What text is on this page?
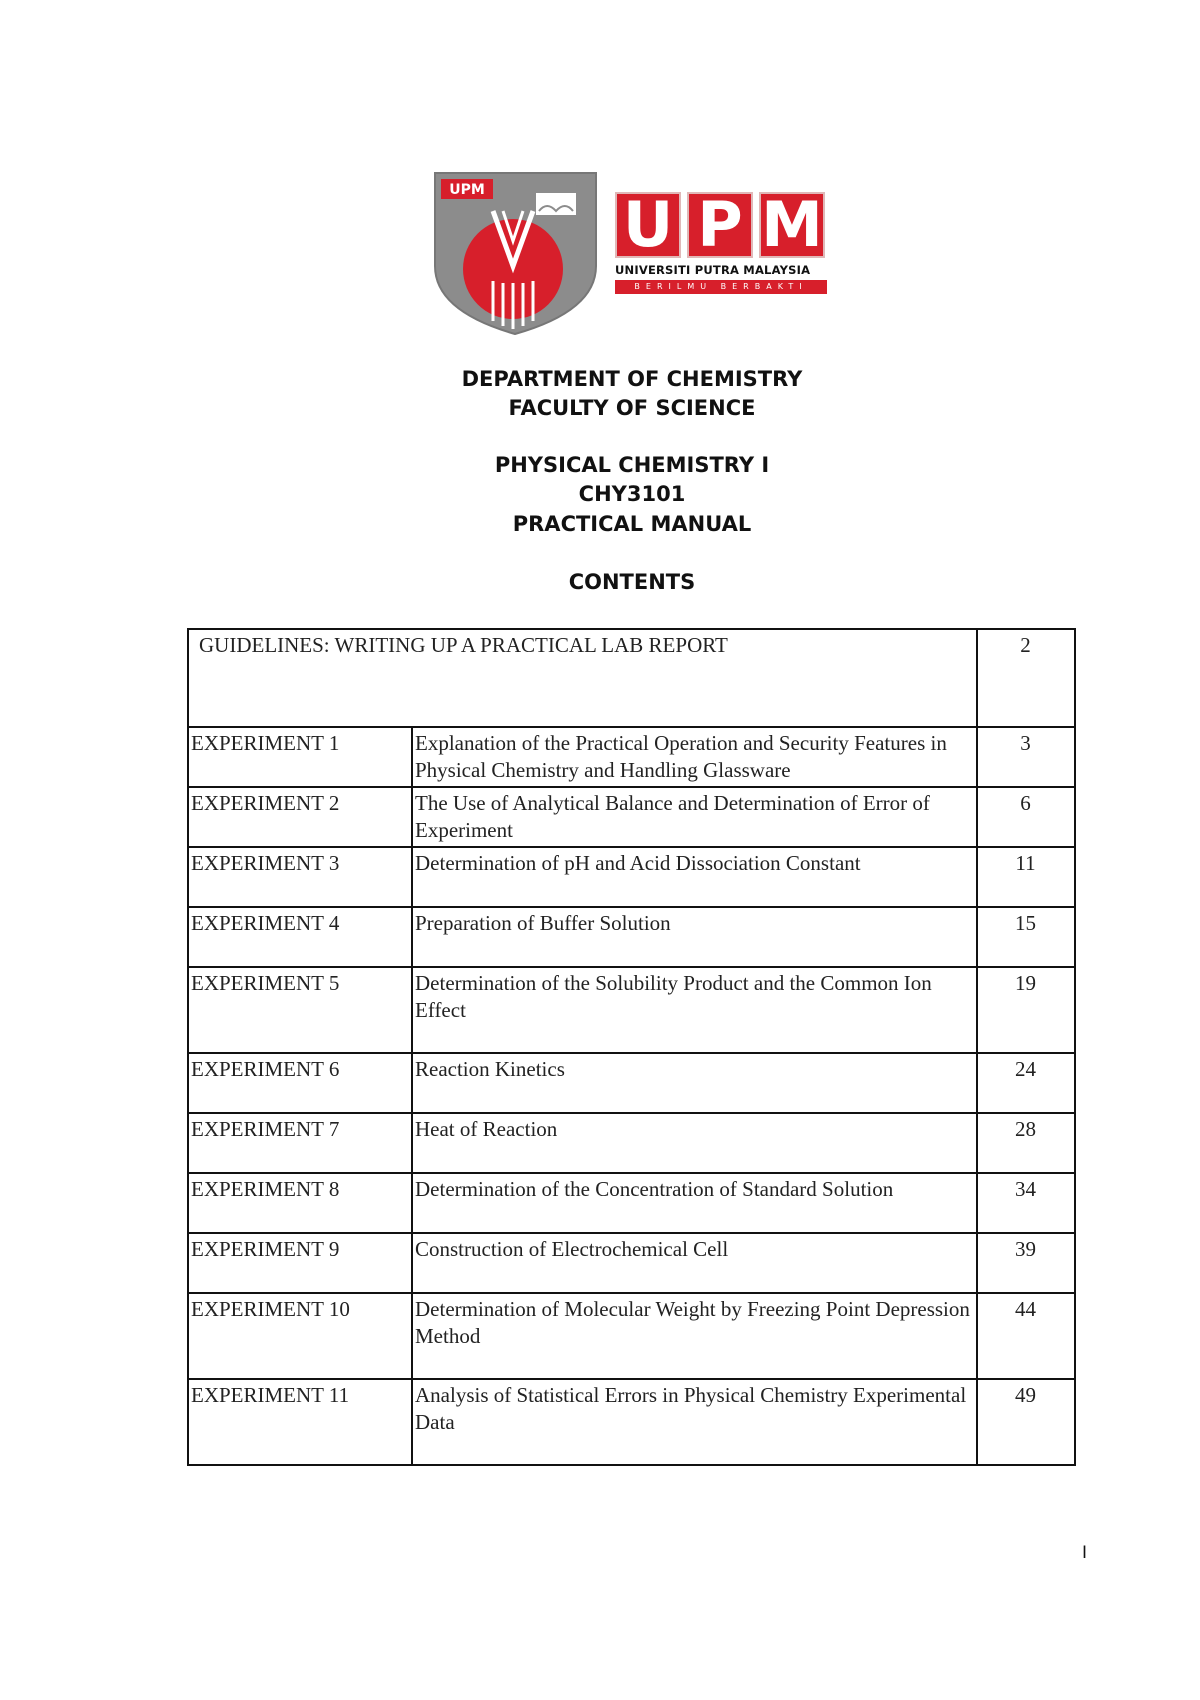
UPM U P M
UNIVERSITI PUTRA MALAYSIA
BERILMU BERBAKTI
DEPARTMENT OF CHEMISTRY
FACULTY OF SCIENCE
PHYSICAL CHEMISTRY I
CHY3101
PRACTICAL MANUAL
CONTENTS
GUIDELINES: WRITING UP A PRACTICAL LAB REPORT		2
EXPERIMENT 1	Explanation of the Practical Operation and Security Features in Physical Chemistry and Handling Glassware	3
EXPERIMENT 2	The Use of Analytical Balance and Determination of Error of Experiment	6
EXPERIMENT 3	Determination of pH and Acid Dissociation Constant	11
EXPERIMENT 4	Preparation of Buffer Solution	15
EXPERIMENT 5	Determination of the Solubility Product and the Common Ion Effect	19
EXPERIMENT 6	Reaction Kinetics	24
EXPERIMENT 7	Heat of Reaction	28
EXPERIMENT 8	Determination of the Concentration of Standard Solution	34
EXPERIMENT 9	Construction of Electrochemical Cell	39
EXPERIMENT 10	Determination of Molecular Weight by Freezing Point Depression Method	44
EXPERIMENT 11	Analysis of Statistical Errors in Physical Chemistry Experimental Data	49
I
